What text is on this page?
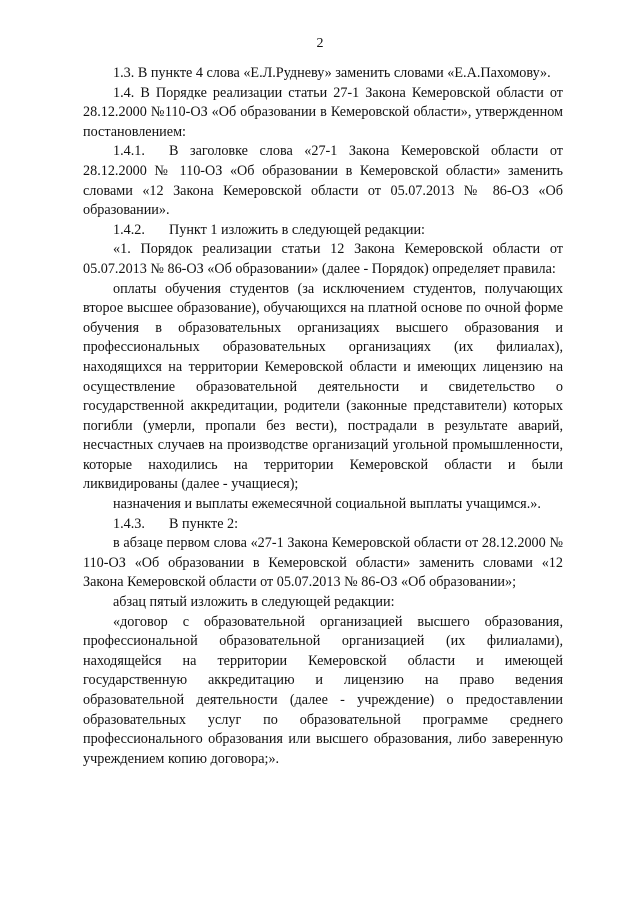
2

1.3. В пункте 4 слова «Е.Л.Рудневу» заменить словами «Е.А.Пахомову».

1.4. В Порядке реализации статьи 27-1 Закона Кемеровской области от 28.12.2000 №110-ОЗ «Об образовании в Кемеровской области», утвержденном постановлением:

1.4.1. В заголовке слова «27-1 Закона Кемеровской области от 28.12.2000 № 110-ОЗ «Об образовании в Кемеровской области» заменить словами «12 Закона Кемеровской области от 05.07.2013 № 86-ОЗ «Об образовании».

1.4.2. Пункт 1 изложить в следующей редакции:

«1. Порядок реализации статьи 12 Закона Кемеровской области от 05.07.2013 № 86-ОЗ «Об образовании» (далее - Порядок) определяет правила:

оплаты обучения студентов (за исключением студентов, получающих второе высшее образование), обучающихся на платной основе по очной форме обучения в образовательных организациях высшего образования и профессиональных образовательных организациях (их филиалах), находящихся на территории Кемеровской области и имеющих лицензию на осуществление образовательной деятельности и свидетельство о государственной аккредитации, родители (законные представители) которых погибли (умерли, пропали без вести), пострадали в результате аварий, несчастных случаев на производстве организаций угольной промышленности, которые находились на территории Кемеровской области и были ликвидированы (далее - учащиеся);

назначения и выплаты ежемесячной социальной выплаты учащимся.».

1.4.3. В пункте 2:

в абзаце первом слова «27-1 Закона Кемеровской области от 28.12.2000 № 110-ОЗ «Об образовании в Кемеровской области» заменить словами «12 Закона Кемеровской области от 05.07.2013 № 86-ОЗ «Об образовании»;

абзац пятый изложить в следующей редакции:

«договор с образовательной организацией высшего образования, профессиональной образовательной организацией (их филиалами), находящейся на территории Кемеровской области и имеющей государственную аккредитацию и лицензию на право ведения образовательной деятельности (далее - учреждение) о предоставлении образовательных услуг по образовательной программе среднего профессионального образования или высшего образования, либо заверенную учреждением копию договора;».
